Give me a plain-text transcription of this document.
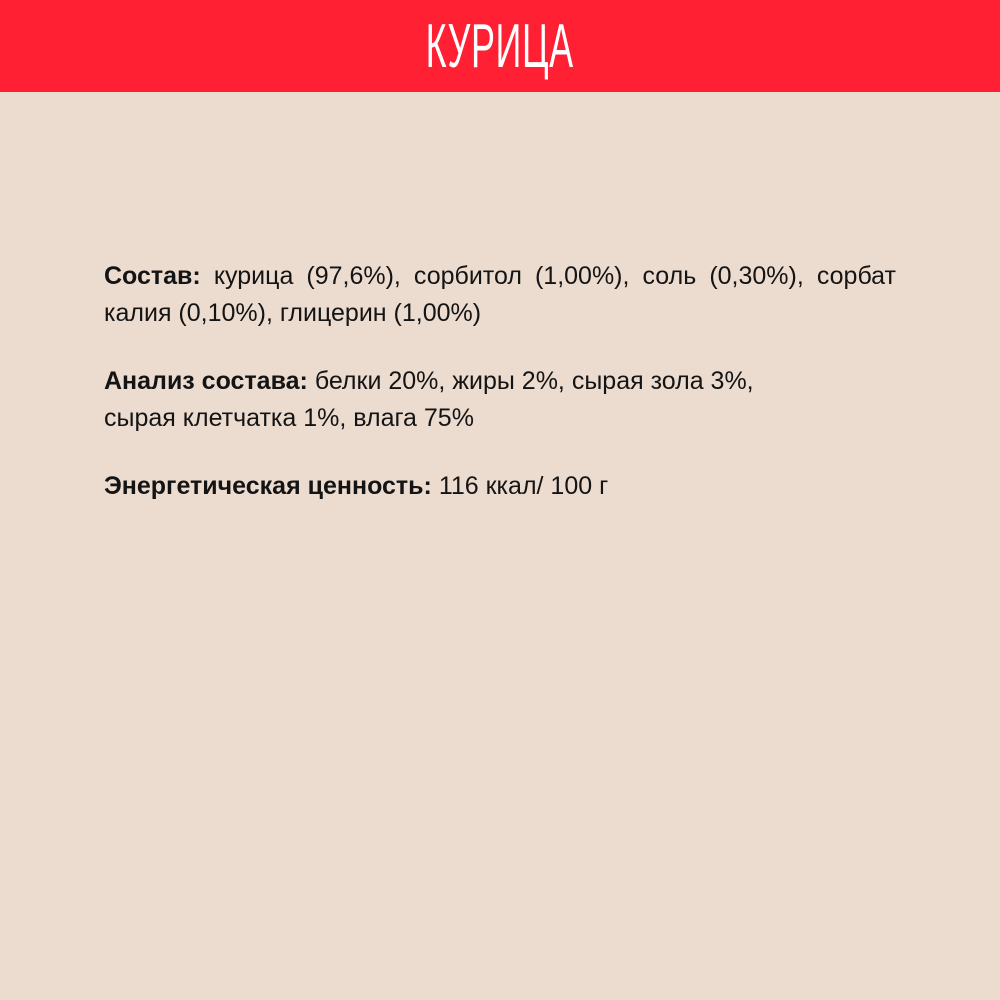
КУРИЦА

Состав: курица (97,6%), сорбитол (1,00%), соль (0,30%), сорбат калия (0,10%), глицерин (1,00%)

Анализ состава: белки 20%, жиры 2%, сырая зола 3%,
сырая клетчатка 1%, влага 75%

Энергетическая ценность: 116 ккал/ 100 г
